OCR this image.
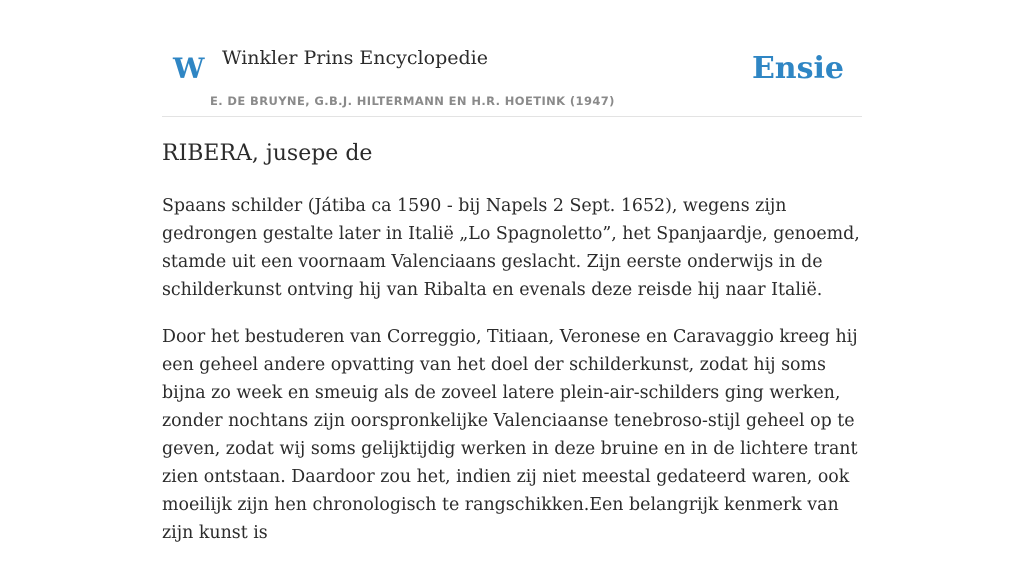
W Winkler Prins Encyclopedie
E. DE BRUYNE, G.B.J. HILTERMANN EN H.R. HOETINK (1947)
Ensie
RIBERA, jusepe de

Spaans schilder (Játiba ca 1590 - bij Napels 2 Sept. 1652), wegens zijn gedrongen gestalte later in Italië „Lo Spagnoletto”, het Spanjaardje, genoemd, stamde uit een voornaam Valenciaans geslacht. Zijn eerste onderwijs in de schilderkunst ontving hij van Ribalta en evenals deze reisde hij naar Italië.

Door het bestuderen van Correggio, Titiaan, Veronese en Caravaggio kreeg hij een geheel andere opvatting van het doel der schilderkunst, zodat hij soms bijna zo week en smeuig als de zoveel latere plein-air-schilders ging werken, zonder nochtans zijn oorspronkelijke Valenciaanse tenebroso-stijl geheel op te geven, zodat wij soms gelijktijdig werken in deze bruine en in de lichtere trant zien ontstaan. Daardoor zou het, indien zij niet meestal gedateerd waren, ook moeilijk zijn hen chronologisch te rangschikken.Een belangrijk kenmerk van zijn kunst is
